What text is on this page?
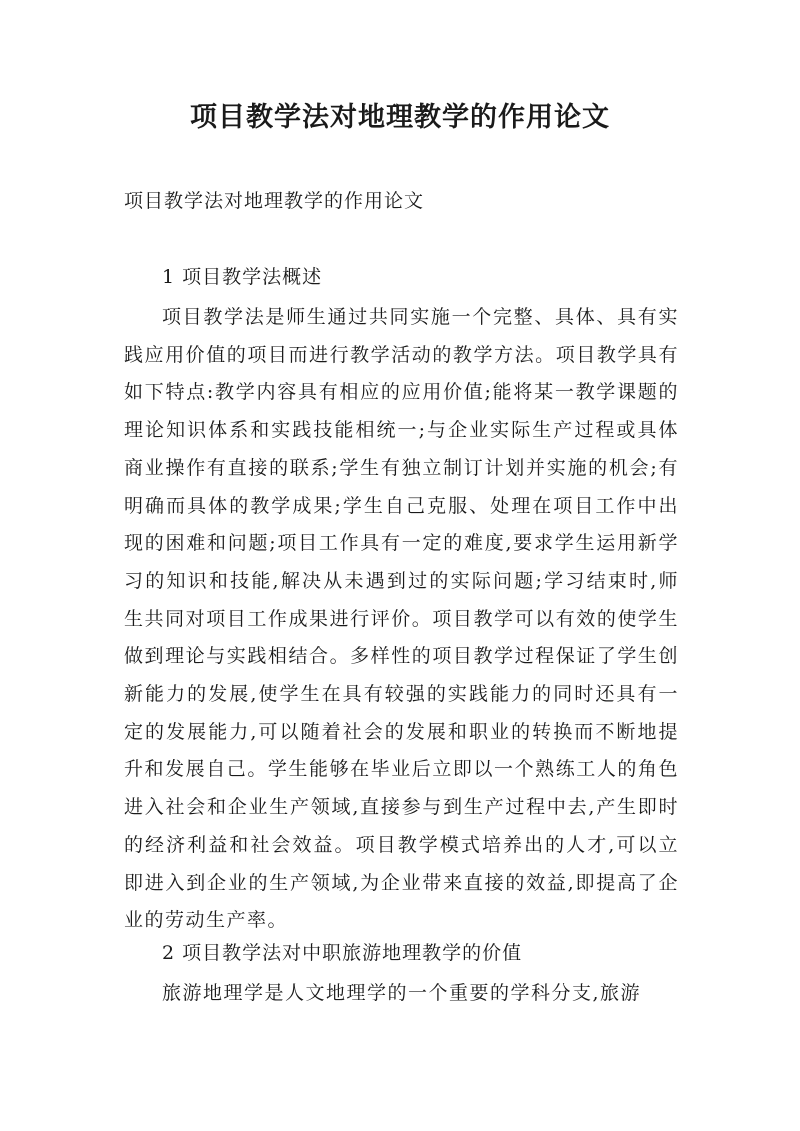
项目教学法对地理教学的作用论文

项目教学法对地理教学的作用论文

1 项目教学法概述

项目教学法是师生通过共同实施一个完整、具体、具有实践应用价值的项目而进行教学活动的教学方法。项目教学具有如下特点:教学内容具有相应的应用价值;能将某一教学课题的理论知识体系和实践技能相统一;与企业实际生产过程或具体商业操作有直接的联系;学生有独立制订计划并实施的机会;有明确而具体的教学成果;学生自己克服、处理在项目工作中出现的困难和问题;项目工作具有一定的难度,要求学生运用新学习的知识和技能,解决从未遇到过的实际问题;学习结束时,师生共同对项目工作成果进行评价。项目教学可以有效的使学生做到理论与实践相结合。多样性的项目教学过程保证了学生创新能力的发展,使学生在具有较强的实践能力的同时还具有一定的发展能力,可以随着社会的发展和职业的转换而不断地提升和发展自己。学生能够在毕业后立即以一个熟练工人的角色进入社会和企业生产领域,直接参与到生产过程中去,产生即时的经济利益和社会效益。项目教学模式培养出的人才,可以立即进入到企业的生产领域,为企业带来直接的效益,即提高了企业的劳动生产率。

2 项目教学法对中职旅游地理教学的价值

旅游地理学是人文地理学的一个重要的学科分支,旅游
